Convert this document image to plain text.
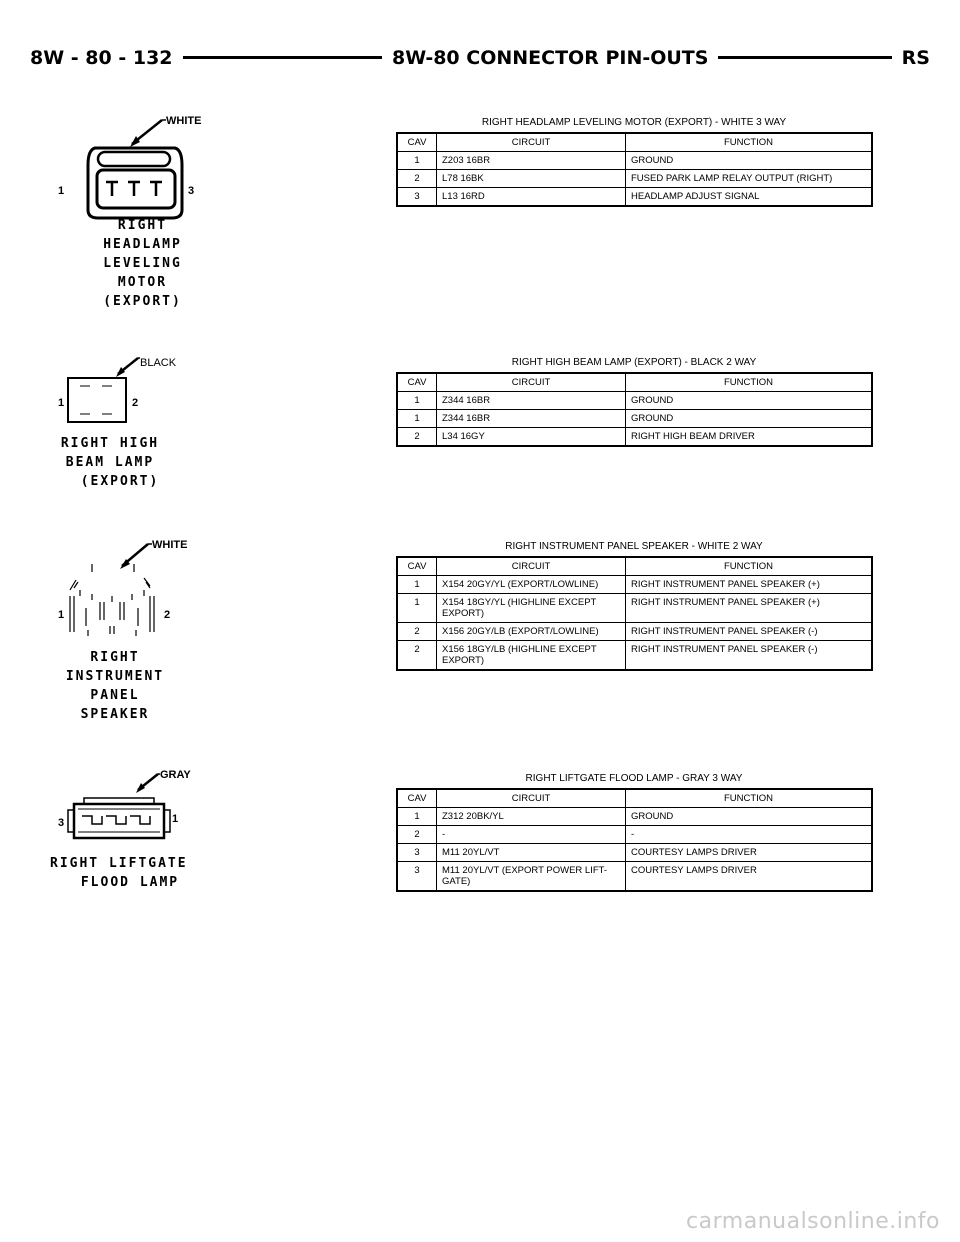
8W - 80 - 132	8W-80 CONNECTOR PIN-OUTS	RS
WHITE
1	3
RIGHT
HEADLAMP
LEVELING
MOTOR
(EXPORT)
RIGHT HEADLAMP LEVELING MOTOR (EXPORT) - WHITE 3 WAY
CAV	CIRCUIT	FUNCTION
1	Z203 16BR	GROUND
2	L78 16BK	FUSED PARK LAMP RELAY OUTPUT (RIGHT)
3	L13 16RD	HEADLAMP ADJUST SIGNAL
BLACK
1	2
RIGHT HIGH
BEAM LAMP
(EXPORT)
RIGHT HIGH BEAM LAMP (EXPORT) - BLACK 2 WAY
CAV	CIRCUIT	FUNCTION
1	Z344 16BR	GROUND
1	Z344 16BR	GROUND
2	L34 16GY	RIGHT HIGH BEAM DRIVER
WHITE
1	2
RIGHT
INSTRUMENT
PANEL
SPEAKER
RIGHT INSTRUMENT PANEL SPEAKER - WHITE 2 WAY
CAV	CIRCUIT	FUNCTION
1	X154 20GY/YL (EXPORT/LOWLINE)	RIGHT INSTRUMENT PANEL SPEAKER (+)
1	X154 18GY/YL (HIGHLINE EXCEPT EXPORT)	RIGHT INSTRUMENT PANEL SPEAKER (+)
2	X156 20GY/LB (EXPORT/LOWLINE)	RIGHT INSTRUMENT PANEL SPEAKER (-)
2	X156 18GY/LB (HIGHLINE EXCEPT EXPORT)	RIGHT INSTRUMENT PANEL SPEAKER (-)
GRAY
3	1
RIGHT LIFTGATE
FLOOD LAMP
RIGHT LIFTGATE FLOOD LAMP - GRAY 3 WAY
CAV	CIRCUIT	FUNCTION
1	Z312 20BK/YL	GROUND
2	-	-
3	M11 20YL/VT	COURTESY LAMPS DRIVER
3	M11 20YL/VT (EXPORT POWER LIFT-GATE)	COURTESY LAMPS DRIVER
carmanualsonline.info
